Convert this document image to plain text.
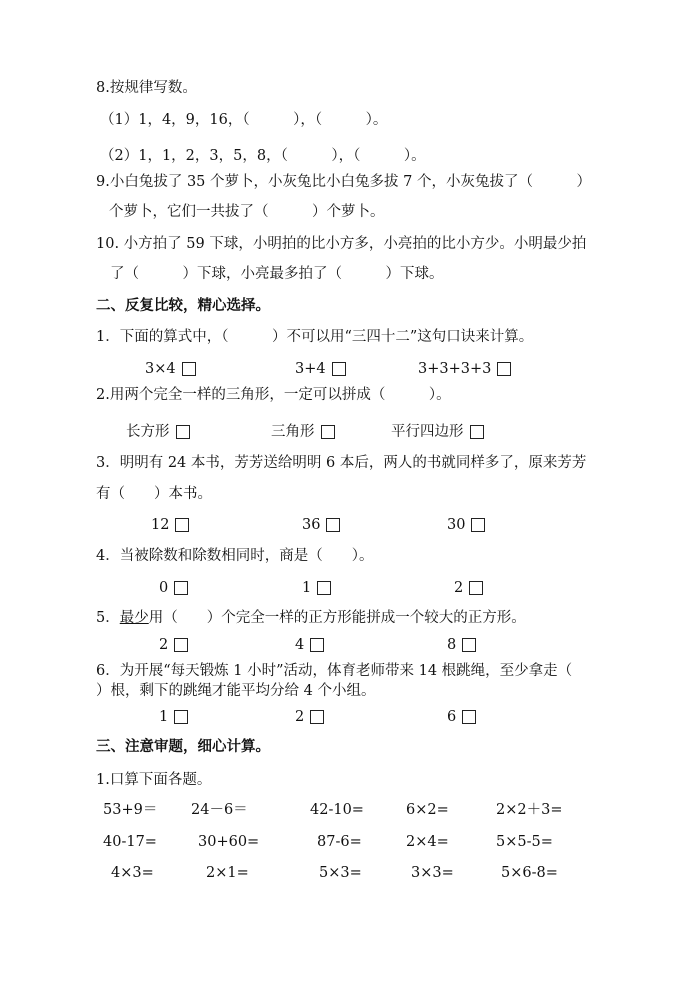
8.按规律写数。
（1）1，4，9，16，（　　　），（　　　）。
（2）1，1，2，3，5，8，（　　　），（　　　）。
9.小白兔拔了 35 个萝卜，小灰兔比小白兔多拔 7 个，小灰兔拔了（　　　）
个萝卜，它们一共拔了（　　　）个萝卜。
10. 小方拍了 59 下球，小明拍的比小方多，小亮拍的比小方少。小明最少拍
了（　　　）下球，小亮最多拍了（　　　）下球。
二、反复比较，精心选择。
1．下面的算式中，（　　　）不可以用“三四十二”这句口诀来计算。
3×4	3+4	3+3+3+3
2.用两个完全一样的三角形，一定可以拼成（　　　）。
长方形	三角形	平行四边形
3．明明有 24 本书，芳芳送给明明 6 本后，两人的书就同样多了，原来芳芳
有（　　）本书。
12	36	30
4．当被除数和除数相同时，商是（　　）。
0	1	2
5．最少用（　　）个完全一样的正方形能拼成一个较大的正方形。
2	4	8
6．为开展“每天锻炼 1 小时”活动，体育老师带来 14 根跳绳，至少拿走（
）根，剩下的跳绳才能平均分给 4 个小组。
1	2	6
三、注意审题，细心计算。
1.口算下面各题。
53+9＝ 24－6＝	42-10=	6×2=	2×2＋3=
40-17=	30+60=	87-6=	2×4=	5×5-5=
4×3=	2×1=	5×3=	3×3=	5×6-8=
